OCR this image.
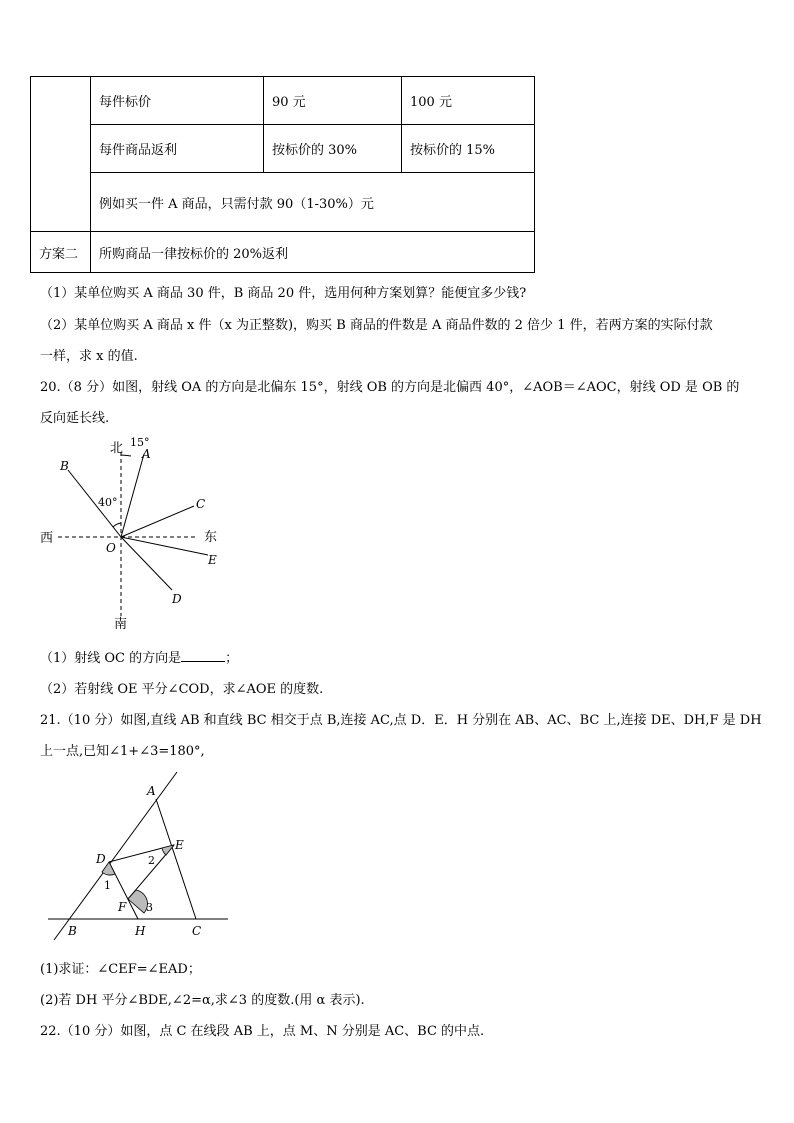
	每件标价	90 元	100 元
	每件商品返利	按标价的 30%	按标价的 15%
	例如买一件 A 商品，只需付款 90（1-30%）元		
方案二	所购商品一律按标价的 20%返利		
（1）某单位购买 A 商品 30 件，B 商品 20 件，选用何种方案划算？能便宜多少钱?
（2）某单位购买 A 商品 x 件（x 为正整数)，购买 B 商品的件数是 A 商品件数的 2 倍少 1 件，若两方案的实际付款
一样，求 x 的值.
20.（8 分）如图，射线 OA 的方向是北偏东 15°，射线 OB 的方向是北偏西 40°，∠AOB＝∠AOC，射线 OD 是 OB 的
反向延长线.
北 15°
A
B
40°	C
西	东
O
E
D
南
（1）射线 OC 的方向是	；
（2）若射线 OE 平分∠COD，求∠AOE 的度数.
21.（10 分）如图,直线 AB 和直线 BC 相交于点 B,连接 AC,点 D．E．H 分别在 AB、AC、BC 上,连接 DE、DH,F 是 DH
上一点,已知∠1+∠3=180°,
A
E
D	2
1
3
F
B	H	C
(1)求证：∠CEF=∠EAD；
(2)若 DH 平分∠BDE,∠2=α,求∠3 的度数.(用 α 表示).
22.（10 分）如图，点 C 在线段 AB 上，点 M、N 分别是 AC、BC 的中点.
